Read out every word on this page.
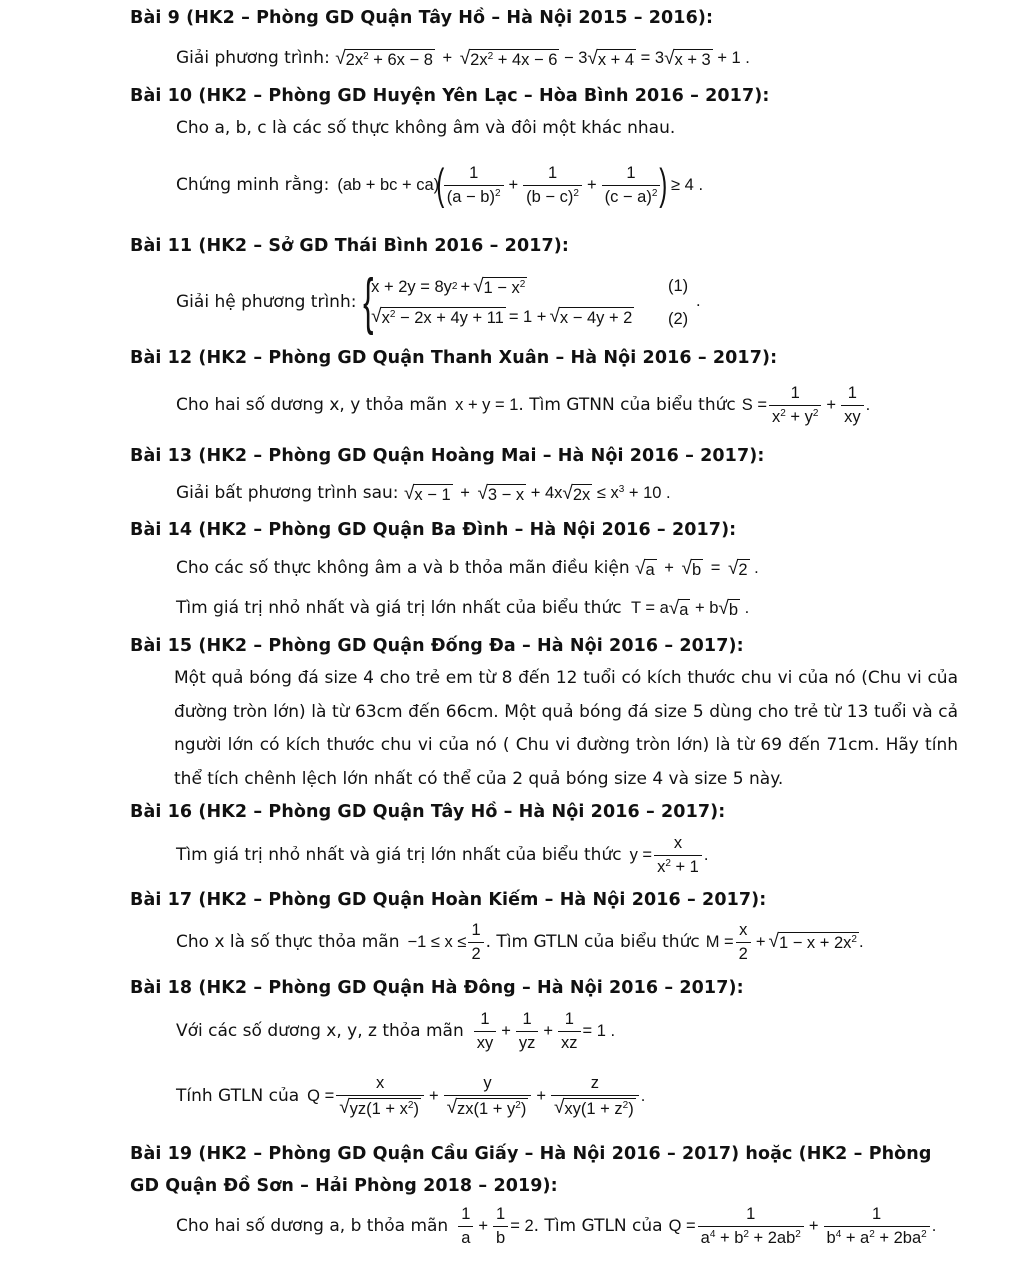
Bài 9 (HK2 – Phòng GD Quận Tây Hồ – Hà Nội 2015 – 2016):
Giải phương trình: √ $2x^2 + 6x - 8$ + √ $2x^2 + 4x - 6 - 3$ √ x + 4 = 3 √ x + 3 + 1 .
Bài 10 (HK2 – Phòng GD Huyện Yên Lạc – Hòa Bình 2016 – 2017):
Cho a, b, c là các số thực không âm và đôi một khác nhau.
Chứng minh rằng: (ab + bc + ca)
( $\frac{1}{(a - b)^2} + \frac{1}{(b - c)^2} + \frac{1}{(c - a)^2}$ ) ≥ 4 .
Bài 11 (HK2 – Sở GD Thái Bình 2016 – 2017):
Giải hệ phương trình: {
x + 2y = 8y 2 + √ $1 - x^2$
√ $x^2 - 2x + 4y + 11 = 1$ + √ x − 4y + 2
(1)
(2)
.
Bài 12 (HK2 – Phòng GD Quận Thanh Xuân – Hà Nội 2016 – 2017):
Cho hai số dương x, y thỏa mãn x + y = 1 . Tìm GTNN của biểu thức $S = \frac{1}{x^2 + y^2} + \frac{1}{xy}$ .
Bài 13 (HK2 – Phòng GD Quận Hoàng Mai – Hà Nội 2016 – 2017):
Giải bất phương trình sau: √ x − 1 + √ 3 − x + 4x √ $2x \le x^3 + 10$ .
Bài 14 (HK2 – Phòng GD Quận Ba Đình – Hà Nội 2016 – 2017):
Cho các số thực không âm a và b thỏa mãn điều kiện √ a + √ b = √ 2 .
Tìm giá trị nhỏ nhất và giá trị lớn nhất của biểu thức T = a √ a + b √ b .
Bài 15 (HK2 – Phòng GD Quận Đống Đa – Hà Nội 2016 – 2017):
Một quả bóng đá size 4 cho trẻ em từ 8 đến 12 tuổi có kích thước chu vi của nó (Chu vi của đường tròn lớn) là từ 63cm đến 66cm. Một quả bóng đá size 5 dùng cho trẻ từ 13 tuổi và cả người lớn có kích thước chu vi của nó ( Chu vi đường tròn lớn) là từ 69 đến 71cm. Hãy tính thể tích chênh lệch lớn nhất có thể của 2 quả bóng size 4 và size 5 này.
Bài 16 (HK2 – Phòng GD Quận Tây Hồ – Hà Nội 2016 – 2017):
Tìm giá trị nhỏ nhất và giá trị lớn nhất của biểu thức $y = \frac{x}{x^2 + 1}$ .
Bài 17 (HK2 – Phòng GD Quận Hoàn Kiếm – Hà Nội 2016 – 2017):
Cho x là số thực thỏa mãn $-1 \le x \le \frac{1}{2}$ . Tìm GTLN của biểu thức $M = \frac{x}{2}$ + √ $1 - x + 2x^2$ .
Bài 18 (HK2 – Phòng GD Quận Hà Đông – Hà Nội 2016 – 2017):
Với các số dương x, y, z thỏa mãn $\frac{1}{xy} + \frac{1}{yz} + \frac{1}{xz} = 1$ .
Tính GTLN của $Q = \frac{x}{√ yz(1 + x^2)} + \frac{y}{√ zx(1 + y^2)} + \frac{z}{√ xy(1 + z^2)}$ .
Bài 19 (HK2 – Phòng GD Quận Cầu Giấy – Hà Nội 2016 – 2017) hoặc (HK2 – Phòng GD Quận Đồ Sơn – Hải Phòng 2018 – 2019):
Cho hai số dương a, b thỏa mãn $\frac{1}{a} + \frac{1}{b} = 2$ . Tìm GTLN của $Q = \frac{1}{a^4 + b^2 + 2ab^2} + \frac{1}{b^4 + a^2 + 2ba^2}$ .
